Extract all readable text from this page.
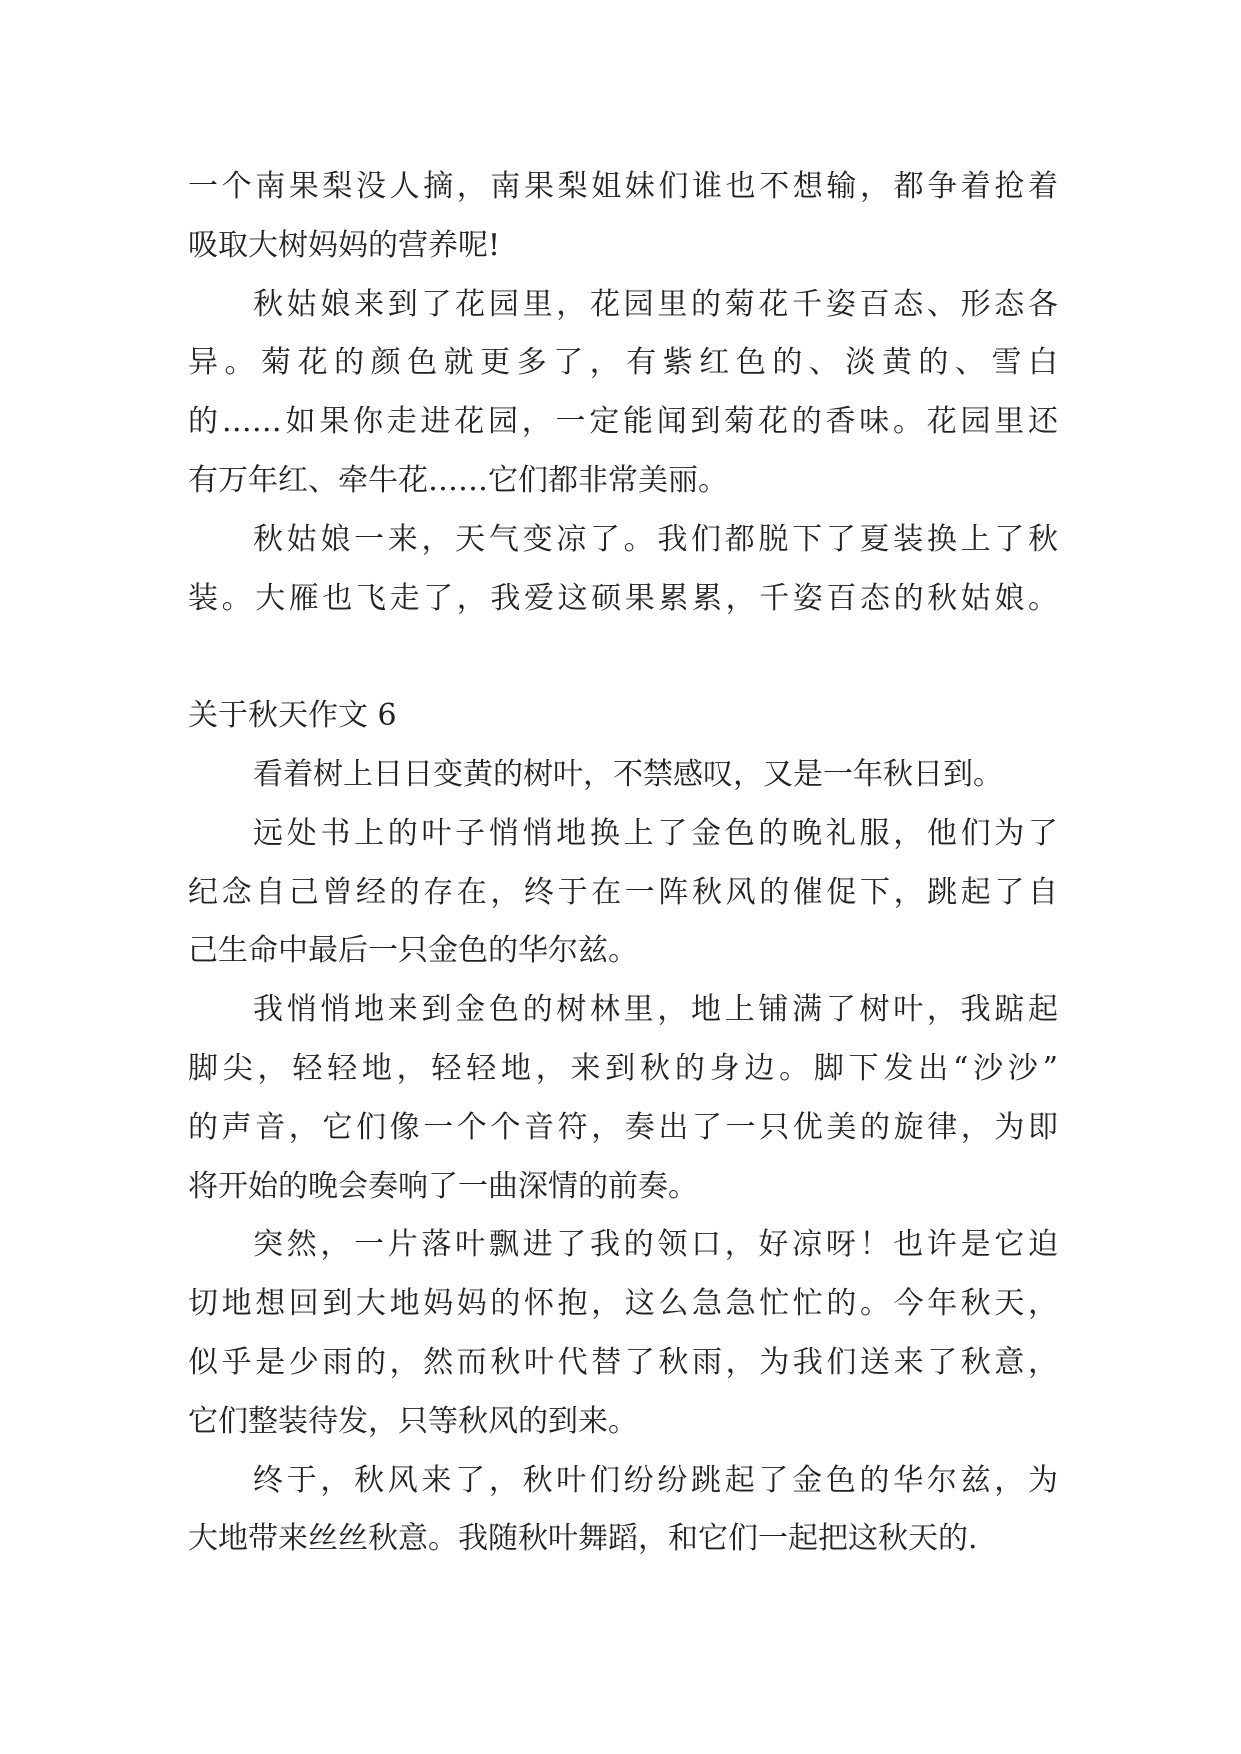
一个南果梨没人摘，南果梨姐妹们谁也不想输，都争着抢着
吸取大树妈妈的营养呢!
秋姑娘来到了花园里，花园里的菊花千姿百态、形态各
异。菊花的颜色就更多了，有紫红色的、淡黄的、雪白
的……如果你走进花园，一定能闻到菊花的香味。花园里还
有万年红、牵牛花……它们都非常美丽。
秋姑娘一来，天气变凉了。我们都脱下了夏装换上了秋
装。大雁也飞走了，我爱这硕果累累，千姿百态的秋姑娘。
关于秋天作文 6
看着树上日日变黄的树叶，不禁感叹，又是一年秋日到。
远处书上的叶子悄悄地换上了金色的晚礼服，他们为了
纪念自己曾经的存在，终于在一阵秋风的催促下，跳起了自
己生命中最后一只金色的华尔兹。
我悄悄地来到金色的树林里，地上铺满了树叶，我踮起
脚尖，轻轻地，轻轻地，来到秋的身边。脚下发出“沙沙”
的声音，它们像一个个音符，奏出了一只优美的旋律，为即
将开始的晚会奏响了一曲深情的前奏。
突然，一片落叶飘进了我的领口，好凉呀！也许是它迫
切地想回到大地妈妈的怀抱，这么急急忙忙的。今年秋天，
似乎是少雨的，然而秋叶代替了秋雨，为我们送来了秋意，
它们整装待发，只等秋风的到来。
终于，秋风来了，秋叶们纷纷跳起了金色的华尔兹，为
大地带来丝丝秋意。我随秋叶舞蹈，和它们一起把这秋天的.
